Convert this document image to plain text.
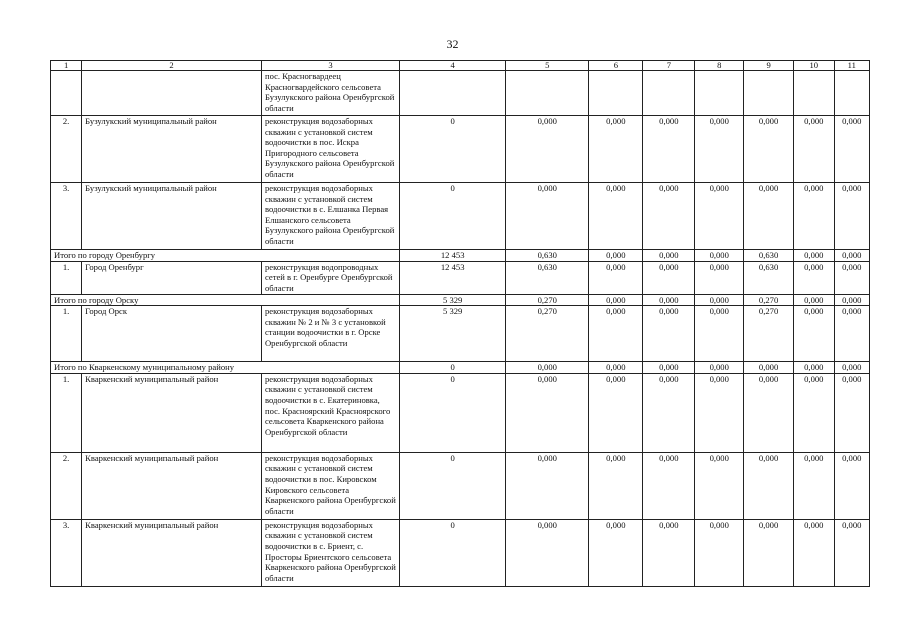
32
1	2	3	4	5	6	7	8	9	10	11
		пос. Красногвардеец Красногвардейского сельсовета Бузулукского района Оренбургской области								
2.	Бузулукский муниципальный район	реконструкция водозаборных скважин с установкой систем водоочистки в пос. Искра Пригородного сельсовета Бузулукского района Оренбургской области	0	0,000	0,000	0,000	0,000	0,000	0,000	0,000
3.	Бузулукский муниципальный район	реконструкция водозаборных скважин с установкой систем водоочистки в с. Елшанка Первая Елшанского сельсовета Бузулукского района Оренбургской области	0	0,000	0,000	0,000	0,000	0,000	0,000	0,000
Итого по городу Оренбургу			12 453	0,630	0,000	0,000	0,000	0,630	0,000	0,000
1.	Город Оренбург	реконструкция водопроводных сетей в г. Оренбурге Оренбургской области	12 453	0,630	0,000	0,000	0,000	0,630	0,000	0,000
Итого по городу Орску			5 329	0,270	0,000	0,000	0,000	0,270	0,000	0,000
1.	Город Орск	реконструкция водозаборных скважин № 2 и № 3 с установкой станции водоочистки в г. Орске Оренбургской области	5 329	0,270	0,000	0,000	0,000	0,270	0,000	0,000
Итого по Кваркенскому муниципальному району			0	0,000	0,000	0,000	0,000	0,000	0,000	0,000
1.	Кваркенский муниципальный район	реконструкция водозаборных скважин с установкой систем водоочистки в с. Екатериновка, пос. Красноярский Красноярского сельсовета Кваркенского района Оренбургской области	0	0,000	0,000	0,000	0,000	0,000	0,000	0,000
2.	Кваркенский муниципальный район	реконструкция водозаборных скважин с установкой систем водоочистки в пос. Кировском Кировского сельсовета Кваркенского района Оренбургской области	0	0,000	0,000	0,000	0,000	0,000	0,000	0,000
3.	Кваркенский муниципальный район	реконструкция водозаборных скважин с установкой систем водоочистки в с. Бриент, с. Просторы Бриентского сельсовета Кваркенского района Оренбургской области	0	0,000	0,000	0,000	0,000	0,000	0,000	0,000
